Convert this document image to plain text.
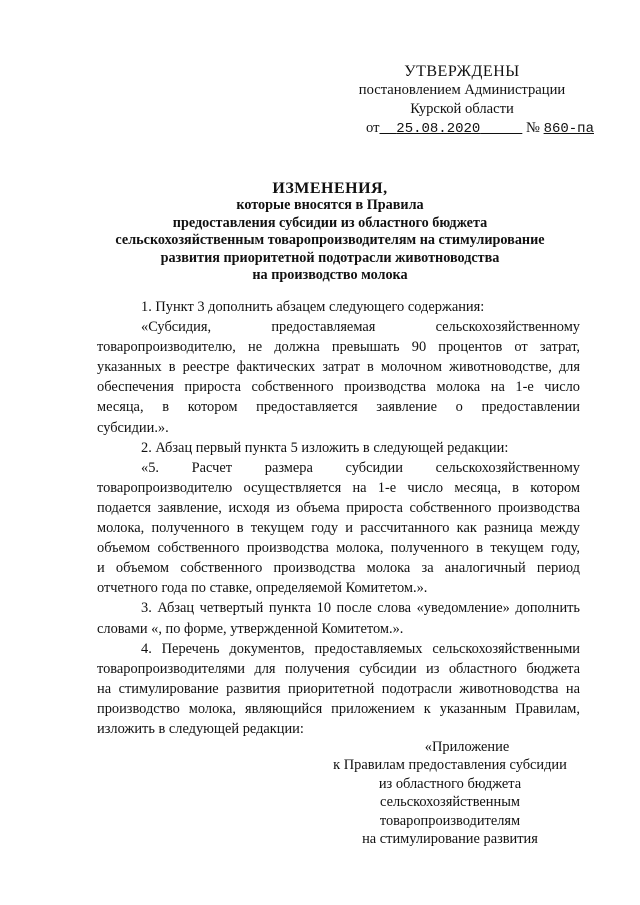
УТВЕРЖДЕНЫ
постановлением Администрации
Курской области
от 25.08.2020	№ 860-па
ИЗМЕНЕНИЯ,
которые вносятся в Правила
предоставления субсидии из областного бюджета
сельскохозяйственным товаропроизводителям на стимулирование
развития приоритетной подотрасли животноводства
на производство молока

1. Пункт 3 дополнить абзацем следующего содержания:

«Субсидия, предоставляемая сельскохозяйственному

товаропроизводителю, не должна превышать 90 процентов от затрат,

указанных в реестре фактических затрат в молочном животноводстве, для

обеспечения прироста собственного производства молока на 1-е число

месяца, в котором предоставляется заявление о предоставлении

субсидии.».

2. Абзац первый пункта 5 изложить в следующей редакции:

«5. Расчет размера субсидии сельскохозяйственному

товаропроизводителю осуществляется на 1-е число месяца, в котором

подается заявление, исходя из объема прироста собственного производства

молока, полученного в текущем году и рассчитанного как разница между

объемом собственного производства молока, полученного в текущем году,

и объемом собственного производства молока за аналогичный период

отчетного года по ставке, определяемой Комитетом.».

3. Абзац четвертый пункта 10 после слова «уведомление» дополнить

словами «, по форме, утвержденной Комитетом.».

4. Перечень документов, предоставляемых сельскохозяйственными

товаропроизводителями для получения субсидии из областного бюджета

на стимулирование развития приоритетной подотрасли животноводства на

производство молока, являющийся приложением к указанным Правилам,

изложить в следующей редакции:

«Приложение
к Правилам предоставления субсидии
из областного бюджета
сельскохозяйственным
товаропроизводителям
на стимулирование развития
